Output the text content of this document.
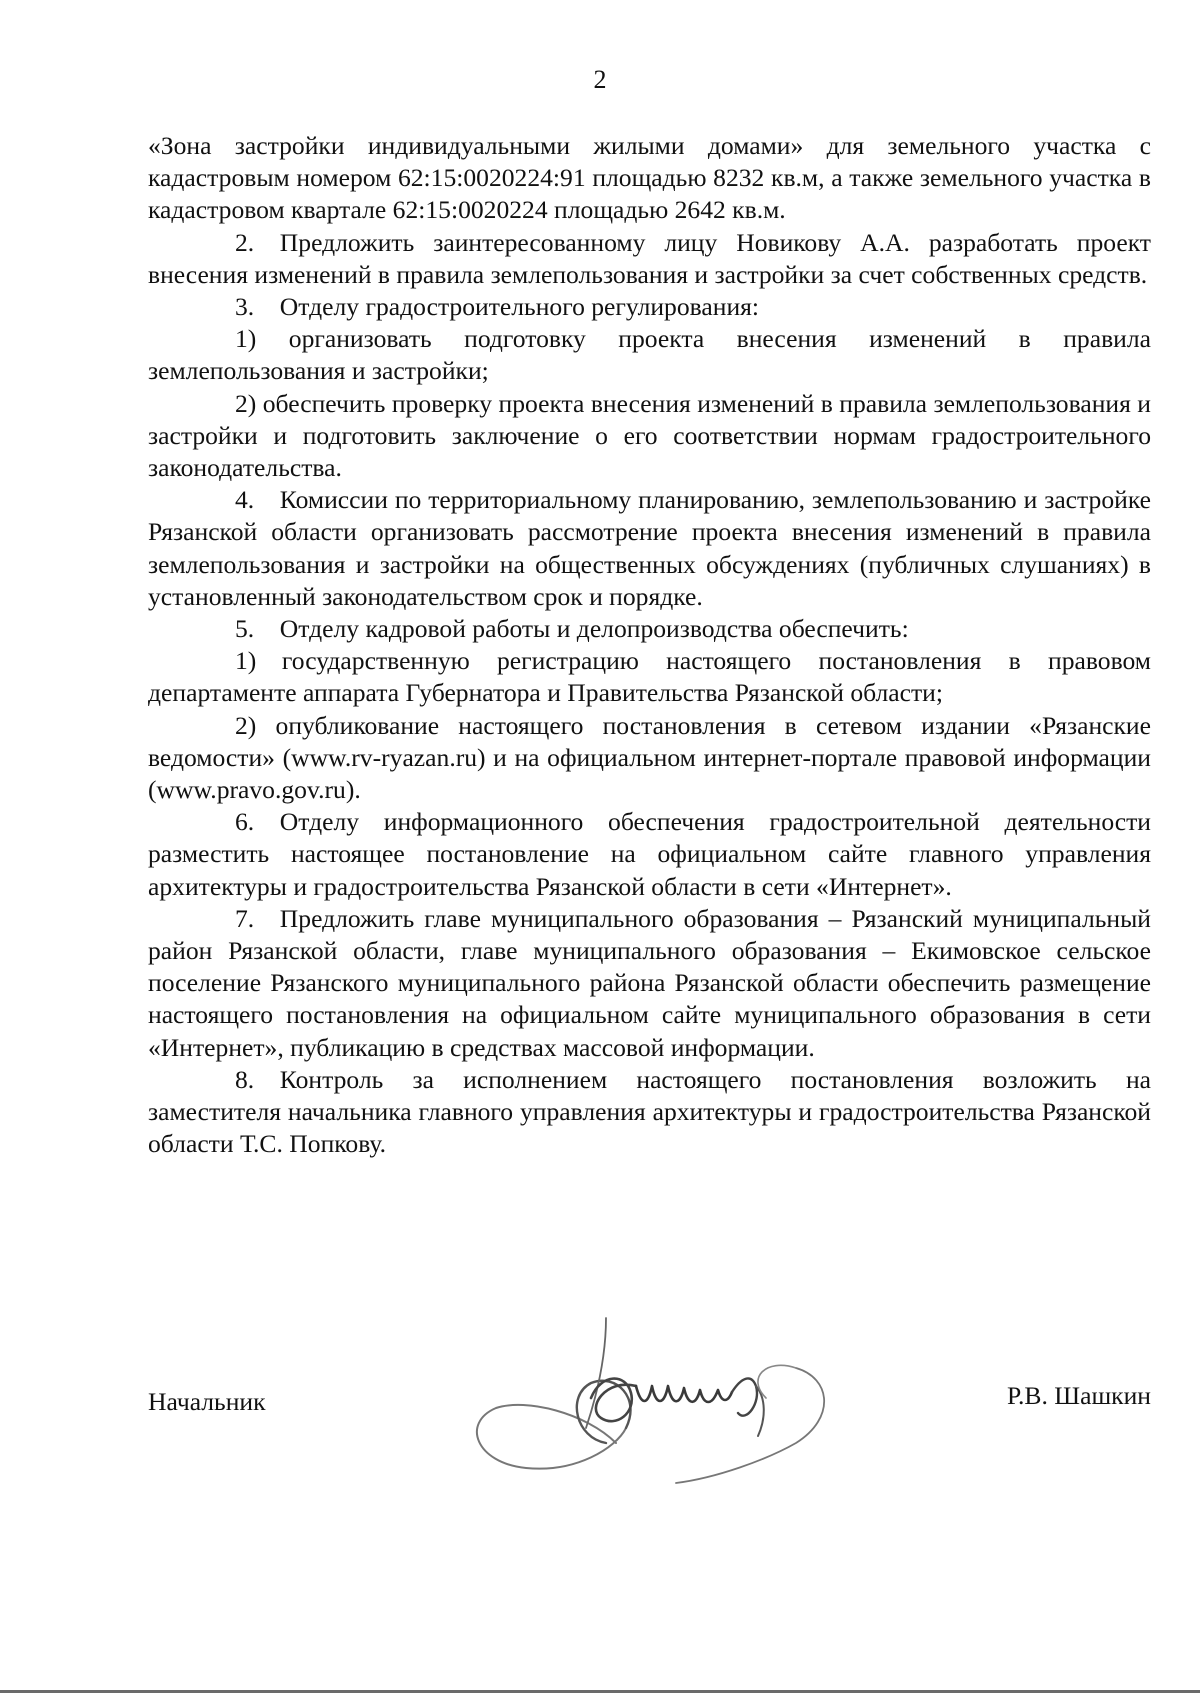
2

«Зона застройки индивидуальными жилыми домами» для земельного участка с кадастровым номером 62:15:0020224:91 площадью 8232 кв.м, а также земельного участка в кадастровом квартале 62:15:0020224 площадью 2642 кв.м.

2. Предложить заинтересованному лицу Новикову А.А. разработать проект внесения изменений в правила землепользования и застройки за счет собственных средств.

3. Отделу градостроительного регулирования:

1) организовать подготовку проекта внесения изменений в правила землепользования и застройки;

2) обеспечить проверку проекта внесения изменений в правила землепользования и застройки и подготовить заключение о его соответствии нормам градостроительного законодательства.

4. Комиссии по территориальному планированию, землепользованию и застройке Рязанской области организовать рассмотрение проекта внесения изменений в правила землепользования и застройки на общественных обсуждениях (публичных слушаниях) в установленный законодательством срок и порядке.

5. Отделу кадровой работы и делопроизводства обеспечить:

1) государственную регистрацию настоящего постановления в правовом департаменте аппарата Губернатора и Правительства Рязанской области;

2) опубликование настоящего постановления в сетевом издании «Рязанские ведомости» (www.rv-ryazan.ru) и на официальном интернет-портале правовой информации (www.pravo.gov.ru).

6. Отделу информационного обеспечения градостроительной деятельности разместить настоящее постановление на официальном сайте главного управления архитектуры и градостроительства Рязанской области в сети «Интернет».

7. Предложить главе муниципального образования – Рязанский муниципальный район Рязанской области, главе муниципального образования – Екимовское сельское поселение Рязанского муниципального района Рязанской области обеспечить размещение настоящего постановления на официальном сайте муниципального образования в сети «Интернет», публикацию в средствах массовой информации.

8. Контроль за исполнением настоящего постановления возложить на заместителя начальника главного управления архитектуры и градостроительства Рязанской области Т.С. Попкову.

Начальник	Р.В. Шашкин
